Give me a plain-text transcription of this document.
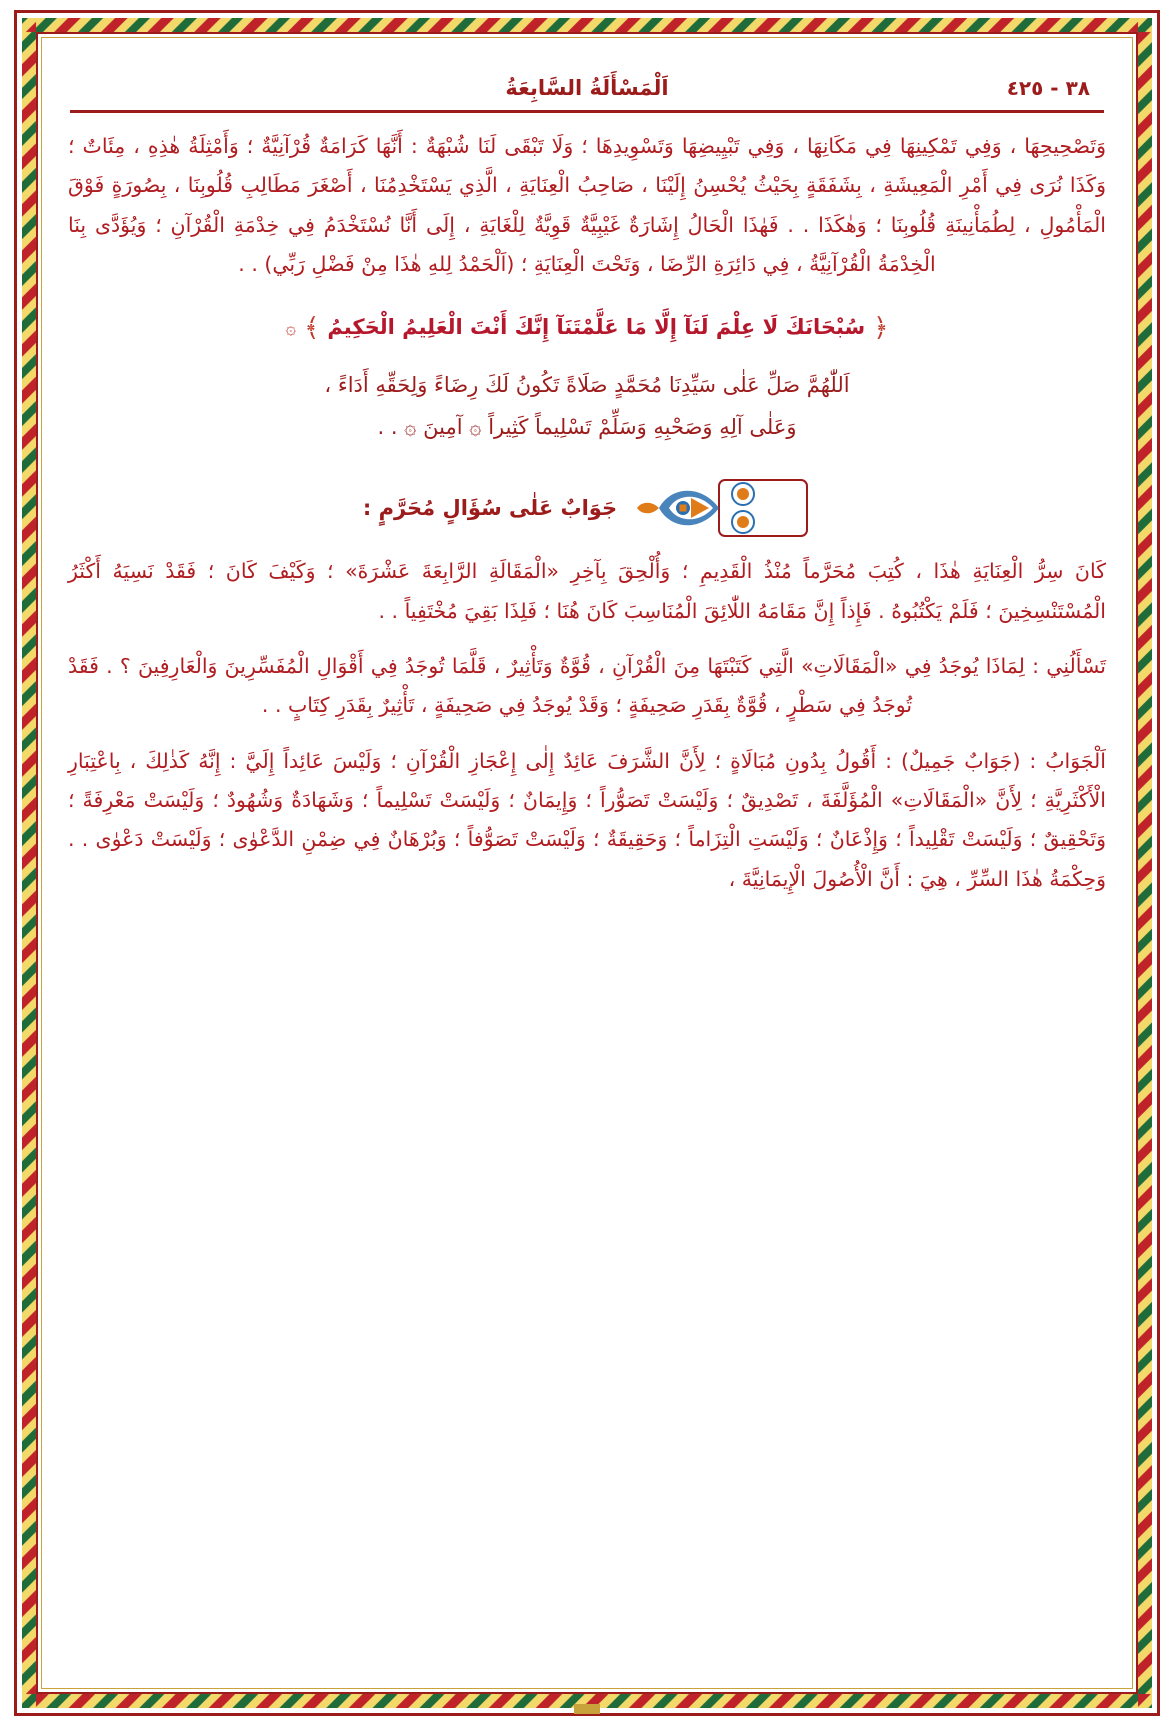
٣٨ - ٤٢٥
اَلْمَسْأَلَةُ السَّابِعَةُ

وَتَصْحِيحِهَا ، وَفِي تَمْكِينِهَا فِي مَكَانِهَا ، وَفِي تَبْيِيضِهَا وَتَسْوِيدِهَا ؛ وَلَا تَبْقَى لَنَا شُبْهَةٌ : أَنَّهَا كَرَامَةٌ قُرْآنِيَّةٌ ؛ وَأَمْثِلَةُ هٰذِهِ ، مِئَاتٌ ؛ وَكَذَا نُرَى فِي أَمْرِ الْمَعِيشَةِ ، بِشَفَقَةٍ بِحَيْثُ يُحْسِنُ إِلَيْنَا ، صَاحِبُ الْعِنَايَةِ ، الَّذِي يَسْتَخْدِمُنَا ، أَصْغَرَ مَطَالِبِ قُلُوبِنَا ، بِصُورَةٍ فَوْقَ الْمَأْمُولِ ، لِطُمَأْنِينَةِ قُلُوبِنَا ؛ وَهٰكَذَا . . فَهٰذَا الْحَالُ إِشَارَةٌ غَيْبِيَّةٌ قَوِيَّةٌ لِلْغَايَةِ ، إِلَى أَنَّا نُسْتَخْدَمُ فِي خِدْمَةِ الْقُرْآنِ ؛ وَيُؤَدَّى بِنَا الْخِدْمَةُ الْقُرْآنِيَّةُ ، فِي دَائِرَةِ الرِّضَا ، وَتَحْتَ الْعِنَايَةِ ؛ (اَلْحَمْدُ لِلهِ هٰذَا مِنْ فَضْلِ رَبِّي) . .

﴿
سُبْحَانَكَ لَا عِلْمَ لَنَآ إِلَّا مَا عَلَّمْتَنَآ إِنَّكَ أَنْتَ الْعَلِيمُ الْحَكِيمُ
﴾
۞

اَللّٰهُمَّ صَلِّ عَلٰى سَيِّدِنَا مُحَمَّدٍ صَلَاةً تَكُونُ لَكَ رِضَاءً وَلِحَقِّهِ أَدَاءً ،

وَعَلٰى آلِهِ وَصَحْبِهِ وَسَلِّمْ تَسْلِيماً كَثِيراً ۞ آمِينَ ۞ . .

جَوَابٌ عَلٰى سُؤَالٍ مُحَرَّمٍ :

كَانَ سِرُّ الْعِنَايَةِ هٰذَا ، كُتِبَ مُحَرَّماً مُنْذُ الْقَدِيمِ ؛ وَأُلْحِقَ بِآخِرِ «الْمَقَالَةِ الرَّابِعَةَ عَشْرَةَ» ؛ وَكَيْفَ كَانَ ؛ فَقَدْ نَسِيَهُ أَكْثَرُ الْمُسْتَنْسِخِينَ ؛ فَلَمْ يَكْتُبُوهُ . فَإِذاً إِنَّ مَقَامَهُ اللّٰائِقَ الْمُنَاسِبَ كَانَ هُنَا ؛ فَلِذَا بَقِيَ مُخْتَفِياً . .

تَسْأَلُنِي : لِمَاذَا يُوجَدُ فِي «الْمَقَالَاتِ» الَّتِي كَتَبْتَهَا مِنَ الْقُرْآنِ ، قُوَّةٌ وَتَأْثِيرٌ ، قَلَّمَا تُوجَدُ فِي أَقْوَالِ الْمُفَسِّرِينَ وَالْعَارِفِينَ ؟ . فَقَدْ تُوجَدُ فِي سَطْرٍ ، قُوَّةٌ بِقَدَرِ صَحِيفَةٍ ؛ وَقَدْ يُوجَدُ فِي صَحِيفَةٍ ، تَأْثِيرٌ بِقَدَرِ كِتَابٍ . .

اَلْجَوَابُ : (جَوَابٌ جَمِيلٌ) : أَقُولُ بِدُونِ مُبَالَاةٍ ؛ لِأَنَّ الشَّرَفَ عَائِدٌ إِلٰى إِعْجَازِ الْقُرْآنِ ؛ وَلَيْسَ عَائِداً إِلَيَّ : إِنَّهُ كَذٰلِكَ ، بِاعْتِبَارِ الْأَكْثَرِيَّةِ ؛ لِأَنَّ «الْمَقَالَاتِ» الْمُؤَلَّفَةَ ، تَصْدِيقٌ ؛ وَلَيْسَتْ تَصَوُّراً ؛ وَإِيمَانٌ ؛ وَلَيْسَتْ تَسْلِيماً ؛ وَشَهَادَةٌ وَشُهُودٌ ؛ وَلَيْسَتْ مَعْرِفَةً ؛ وَتَحْقِيقٌ ؛ وَلَيْسَتْ تَقْلِيداً ؛ وَإِذْعَانٌ ؛ وَلَيْسَتِ الْتِزَاماً ؛ وَحَقِيقَةٌ ؛ وَلَيْسَتْ تَصَوُّفاً ؛ وَبُرْهَانٌ فِي ضِمْنِ الدَّعْوٰى ؛ وَلَيْسَتْ دَعْوٰى . . وَحِكْمَةُ هٰذَا السِّرِّ ، هِيَ : أَنَّ الْأُصُولَ الْإِيمَانِيَّةَ ،
